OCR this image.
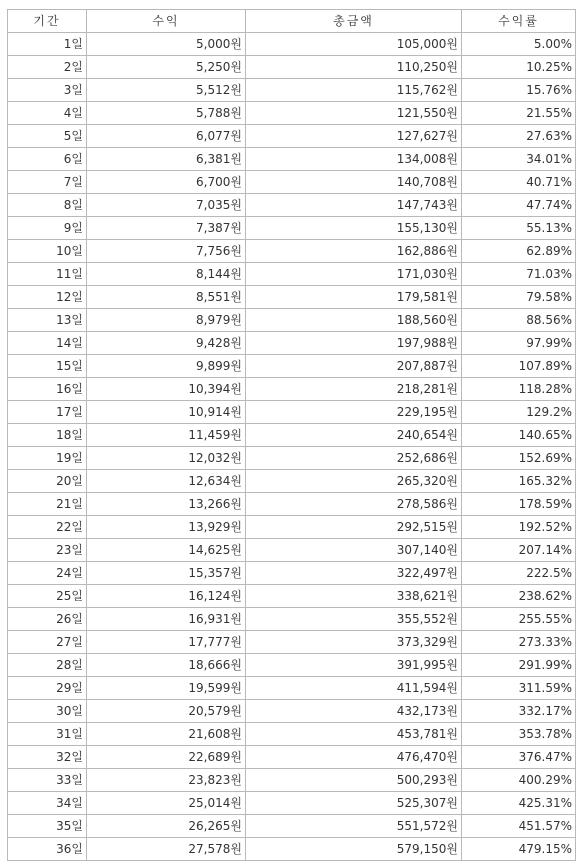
기간	수익	총금액	수익률
1일	5,000원	105,000원	5.00%
2일	5,250원	110,250원	10.25%
3일	5,512원	115,762원	15.76%
4일	5,788원	121,550원	21.55%
5일	6,077원	127,627원	27.63%
6일	6,381원	134,008원	34.01%
7일	6,700원	140,708원	40.71%
8일	7,035원	147,743원	47.74%
9일	7,387원	155,130원	55.13%
10일	7,756원	162,886원	62.89%
11일	8,144원	171,030원	71.03%
12일	8,551원	179,581원	79.58%
13일	8,979원	188,560원	88.56%
14일	9,428원	197,988원	97.99%
15일	9,899원	207,887원	107.89%
16일	10,394원	218,281원	118.28%
17일	10,914원	229,195원	129.2%
18일	11,459원	240,654원	140.65%
19일	12,032원	252,686원	152.69%
20일	12,634원	265,320원	165.32%
21일	13,266원	278,586원	178.59%
22일	13,929원	292,515원	192.52%
23일	14,625원	307,140원	207.14%
24일	15,357원	322,497원	222.5%
25일	16,124원	338,621원	238.62%
26일	16,931원	355,552원	255.55%
27일	17,777원	373,329원	273.33%
28일	18,666원	391,995원	291.99%
29일	19,599원	411,594원	311.59%
30일	20,579원	432,173원	332.17%
31일	21,608원	453,781원	353.78%
32일	22,689원	476,470원	376.47%
33일	23,823원	500,293원	400.29%
34일	25,014원	525,307원	425.31%
35일	26,265원	551,572원	451.57%
36일	27,578원	579,150원	479.15%
